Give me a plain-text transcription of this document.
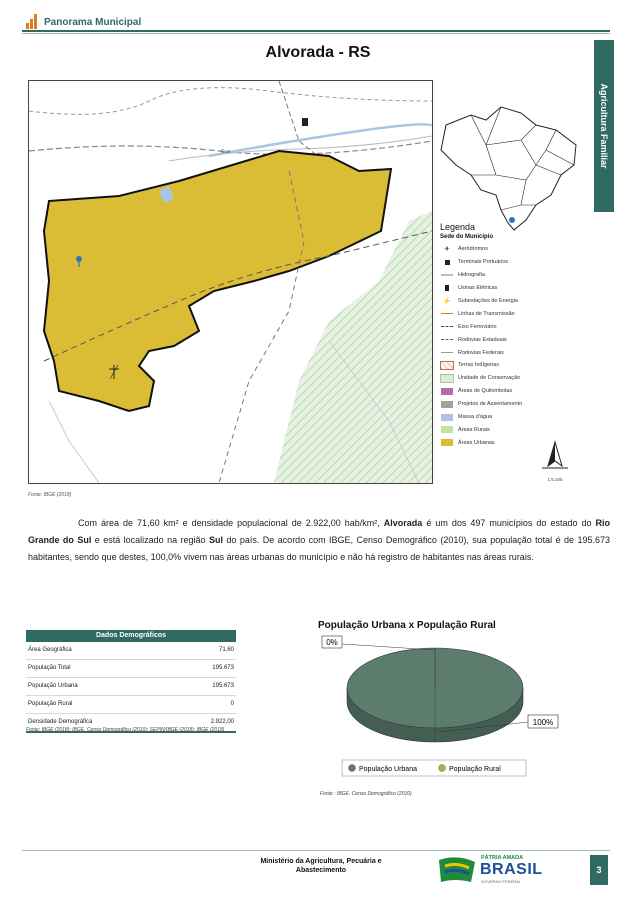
Panorama Municipal
Alvorada - RS
Agricultura Familiar
Gua
Legenda
Sede do Município
✈ Aeródromos
Terminais Portuários
Hidrografia
Usinas Elétricas
⚡ Subestações de Energia
Linhas de Transmissão
Eixo Ferroviário
Rodovias Estaduais
Rodovias Federais
Terras Indígenas
Unidade de Conservação
Áreas de Quilombolas
Projetos de Assentamento
Massa d'água
Áreas Rurais
Áreas Urbanas
1:5.105
Fonte: IBGE (2018)
Com área de 71,60 km² e densidade populacional de 2.922,00 hab/km², Alvorada é um dos 497 municípios do estado do Rio Grande do Sul e está localizado na região Sul do país. De acordo com IBGE, Censo Demográfico (2010), sua população total é de 195.673 habitantes, sendo que destes, 100,0% vivem nas áreas urbanas do município e não há registro de habitantes nas áreas rurais.
Dados Demográficos
Área Geográfica	71,60
População Total	195.673
População Urbana	195.673
População Rural	0
Densidade Demográfica	2.922,00
Fonte: IBGE (2018); IBGE, Censo Demográfico (2010); SEPIN/IBGE (2018); IBGE (2018)
População Urbana x População Rural
0%
100%
População Urbana	População Rural
Fonte : IBGE, Censo Demográfico (2010)
Ministério da Agricultura, Pecuária e Abastecimento
PÁTRIA AMADA
BRASIL
GOVERNO FEDERAL
3
